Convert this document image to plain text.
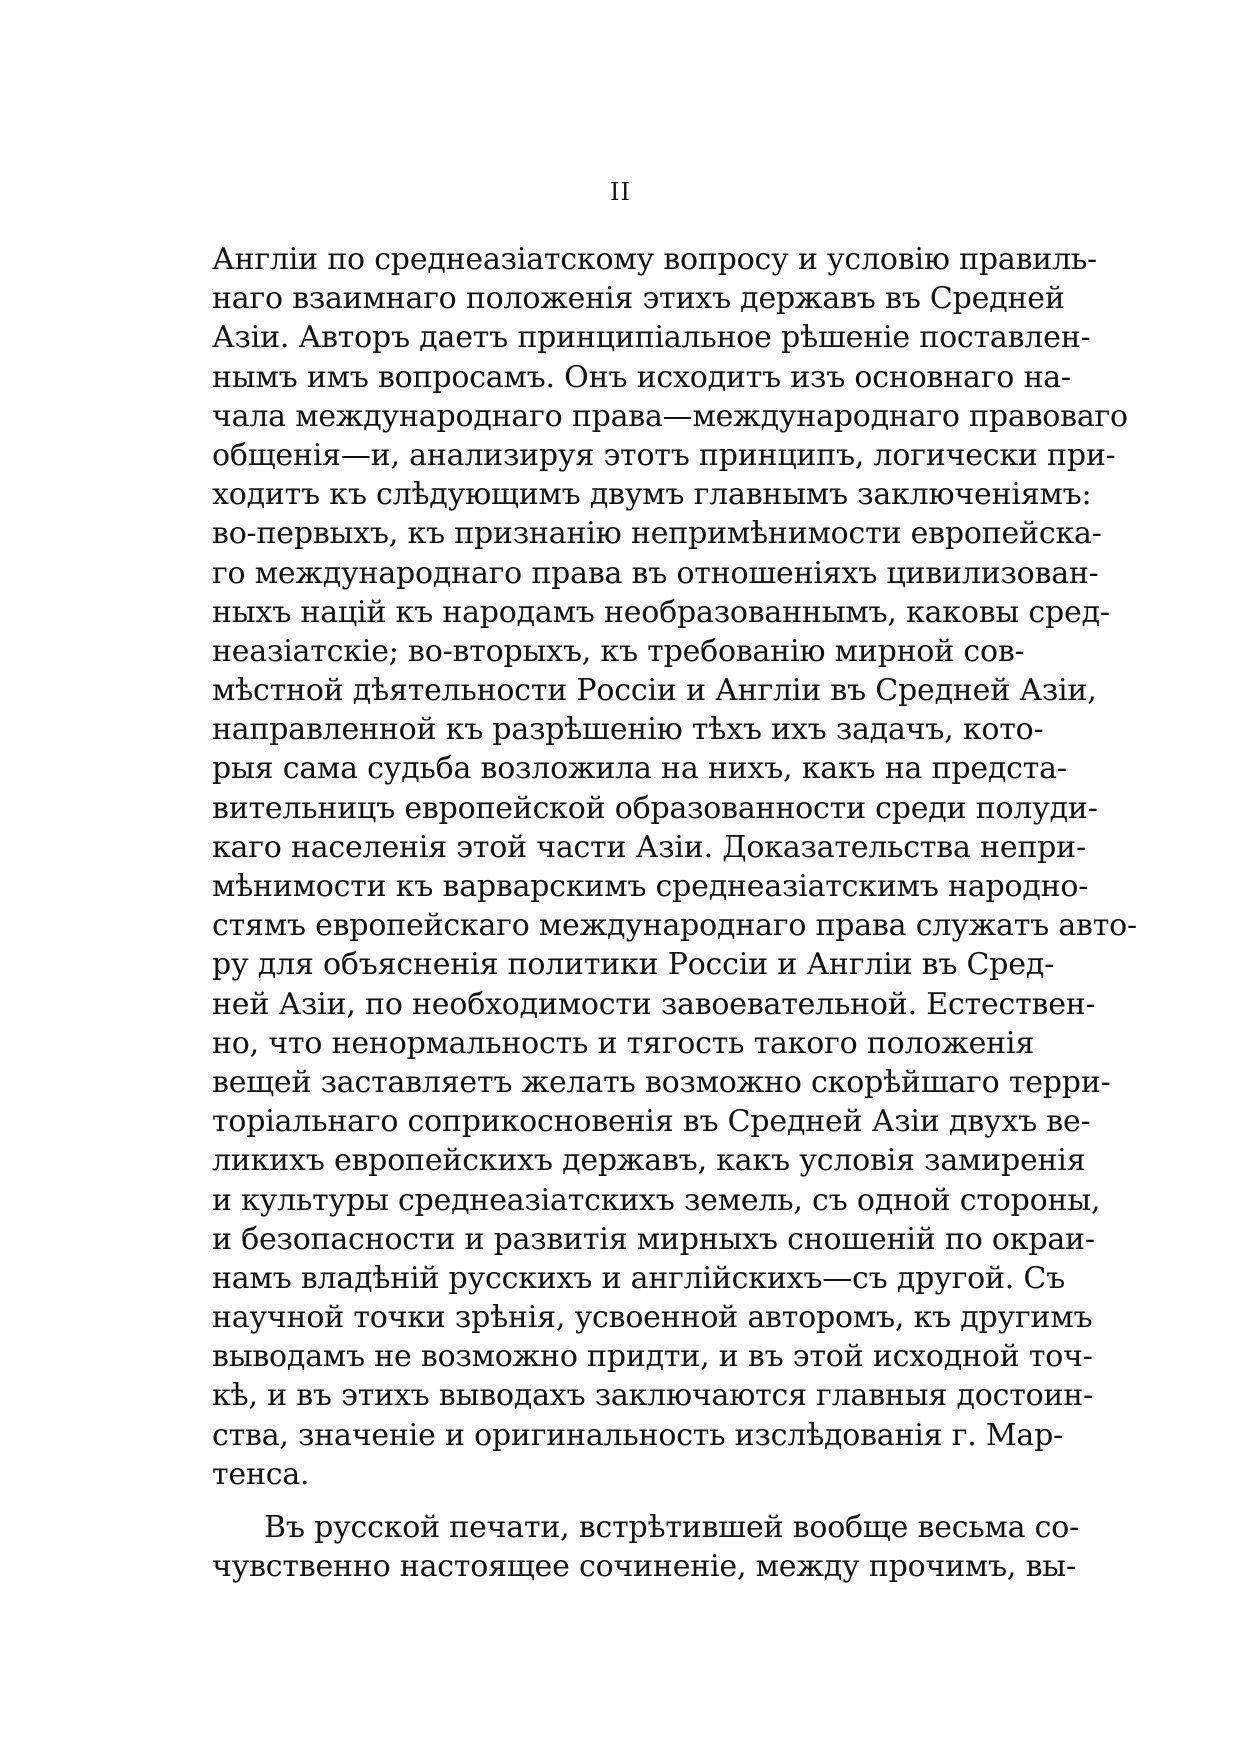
II
Англіи по среднеазіатскому вопросу и условію правиль-
наго взаимнаго положенія этихъ державъ въ Средней
Азіи. Авторъ даетъ принципіальное рѣшеніе поставлен-
нымъ имъ вопросамъ. Онъ исходитъ изъ основнаго на-
чала международнаго права—международнаго правоваго
общенія—и, анализируя этотъ принципъ, логически при-
ходитъ къ слѣдующимъ двумъ главнымъ заключеніямъ:
во-первыхъ, къ признанію непримѣнимости европейска-
го международнаго права въ отношеніяхъ цивилизован-
ныхъ націй къ народамъ необразованнымъ, каковы сред-
неазіатскіе; во-вторыхъ, къ требованію мирной сов-
мѣстной дѣятельности Россіи и Англіи въ Средней Азіи,
направленной къ разрѣшенію тѣхъ ихъ задачъ, кото-
рыя сама судьба возложила на нихъ, какъ на предста-
вительницъ европейской образованности среди полуди-
каго населенія этой части Азіи. Доказательства непри-
мѣнимости къ варварскимъ среднеазіатскимъ народно-
стямъ европейскаго международнаго права служатъ авто-
ру для объясненія политики Россіи и Англіи въ Сред-
ней Азіи, по необходимости завоевательной. Естествен-
но, что ненормальность и тягость такого положенія
вещей заставляетъ желать возможно скорѣйшаго терри-
торіальнаго соприкосновенія въ Средней Азіи двухъ ве-
ликихъ европейскихъ державъ, какъ условія замиренія
и культуры среднеазіатскихъ земель, съ одной стороны,
и безопасности и развитія мирныхъ сношеній по окраи-
намъ владѣній русскихъ и англійскихъ—съ другой. Съ
научной точки зрѣнія, усвоенной авторомъ, къ другимъ
выводамъ не возможно придти, и въ этой исходной точ-
кѣ, и въ этихъ выводахъ заключаются главныя достоин-
ства, значеніе и оригинальность изслѣдованія г. Мар-
тенса.
Въ русской печати, встрѣтившей вообще весьма со-
чувственно настоящее сочиненіе, между прочимъ, вы-
